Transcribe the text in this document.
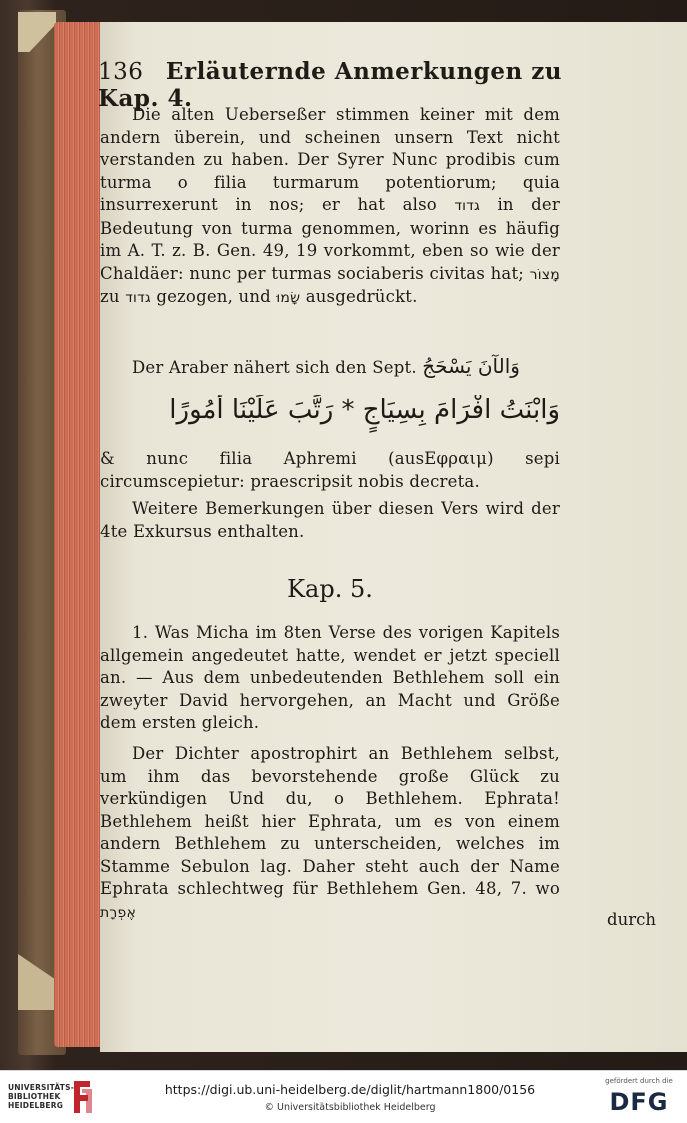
136 Erläuternde Anmerkungen zu Kap. 4.

Die alten Ueberseßer stimmen keiner mit dem andern überein, und scheinen unsern Text nicht verstanden zu haben. Der Syrer Nunc prodibis cum turma o filia turmarum potentiorum; quia insurrexerunt in nos; er hat also גדוד in der Bedeutung von turma genommen, worinn es häufig im A. T. z. B. Gen. 49, 19 vorkommt, eben so wie der Chaldäer: nunc per turmas sociaberis civitas hat; מָצוֹר zu גדוד gezogen, und שָׂמוּ ausgedrückt.

Der Araber nähert sich den Sept. وَالآنَ يَسْحَجُ

وَابْنَتُ افْرَامَ بِسِيَاجٍ * رَتَّبَ عَلَيْنَا أُمُورًا

& nunc filia Aphremi (ausΕφραιμ) sepi circumscepietur: praescripsit nobis decreta.

Weitere Bemerkungen über diesen Vers wird der 4te Exkursus enthalten.

Kap. 5.

1. Was Micha im 8ten Verse des vorigen Kapitels allgemein angedeutet hatte, wendet er jetzt speciell an. — Aus dem unbedeutenden Bethlehem soll ein zweyter David hervorgehen, an Macht und Größe dem ersten gleich.

Der Dichter apostrophirt an Bethlehem selbst, um ihm das bevorstehende große Glück zu verkündigen Und du, o Bethlehem. Ephrata! Bethlehem heißt hier Ephrata, um es von einem andern Bethlehem zu unterscheiden, welches im Stamme Sebulon lag. Daher steht auch der Name Ephrata schlechtweg für Bethlehem Gen. 48, 7. wo אֶפְרָת	durch
UNIVERSITÄTS-BIBLIOTHEK HEIDELBERG
https://digi.ub.uni-heidelberg.de/diglit/hartmann1800/0156
© Universitätsbibliothek Heidelberg
gefördert durch die
DFG
